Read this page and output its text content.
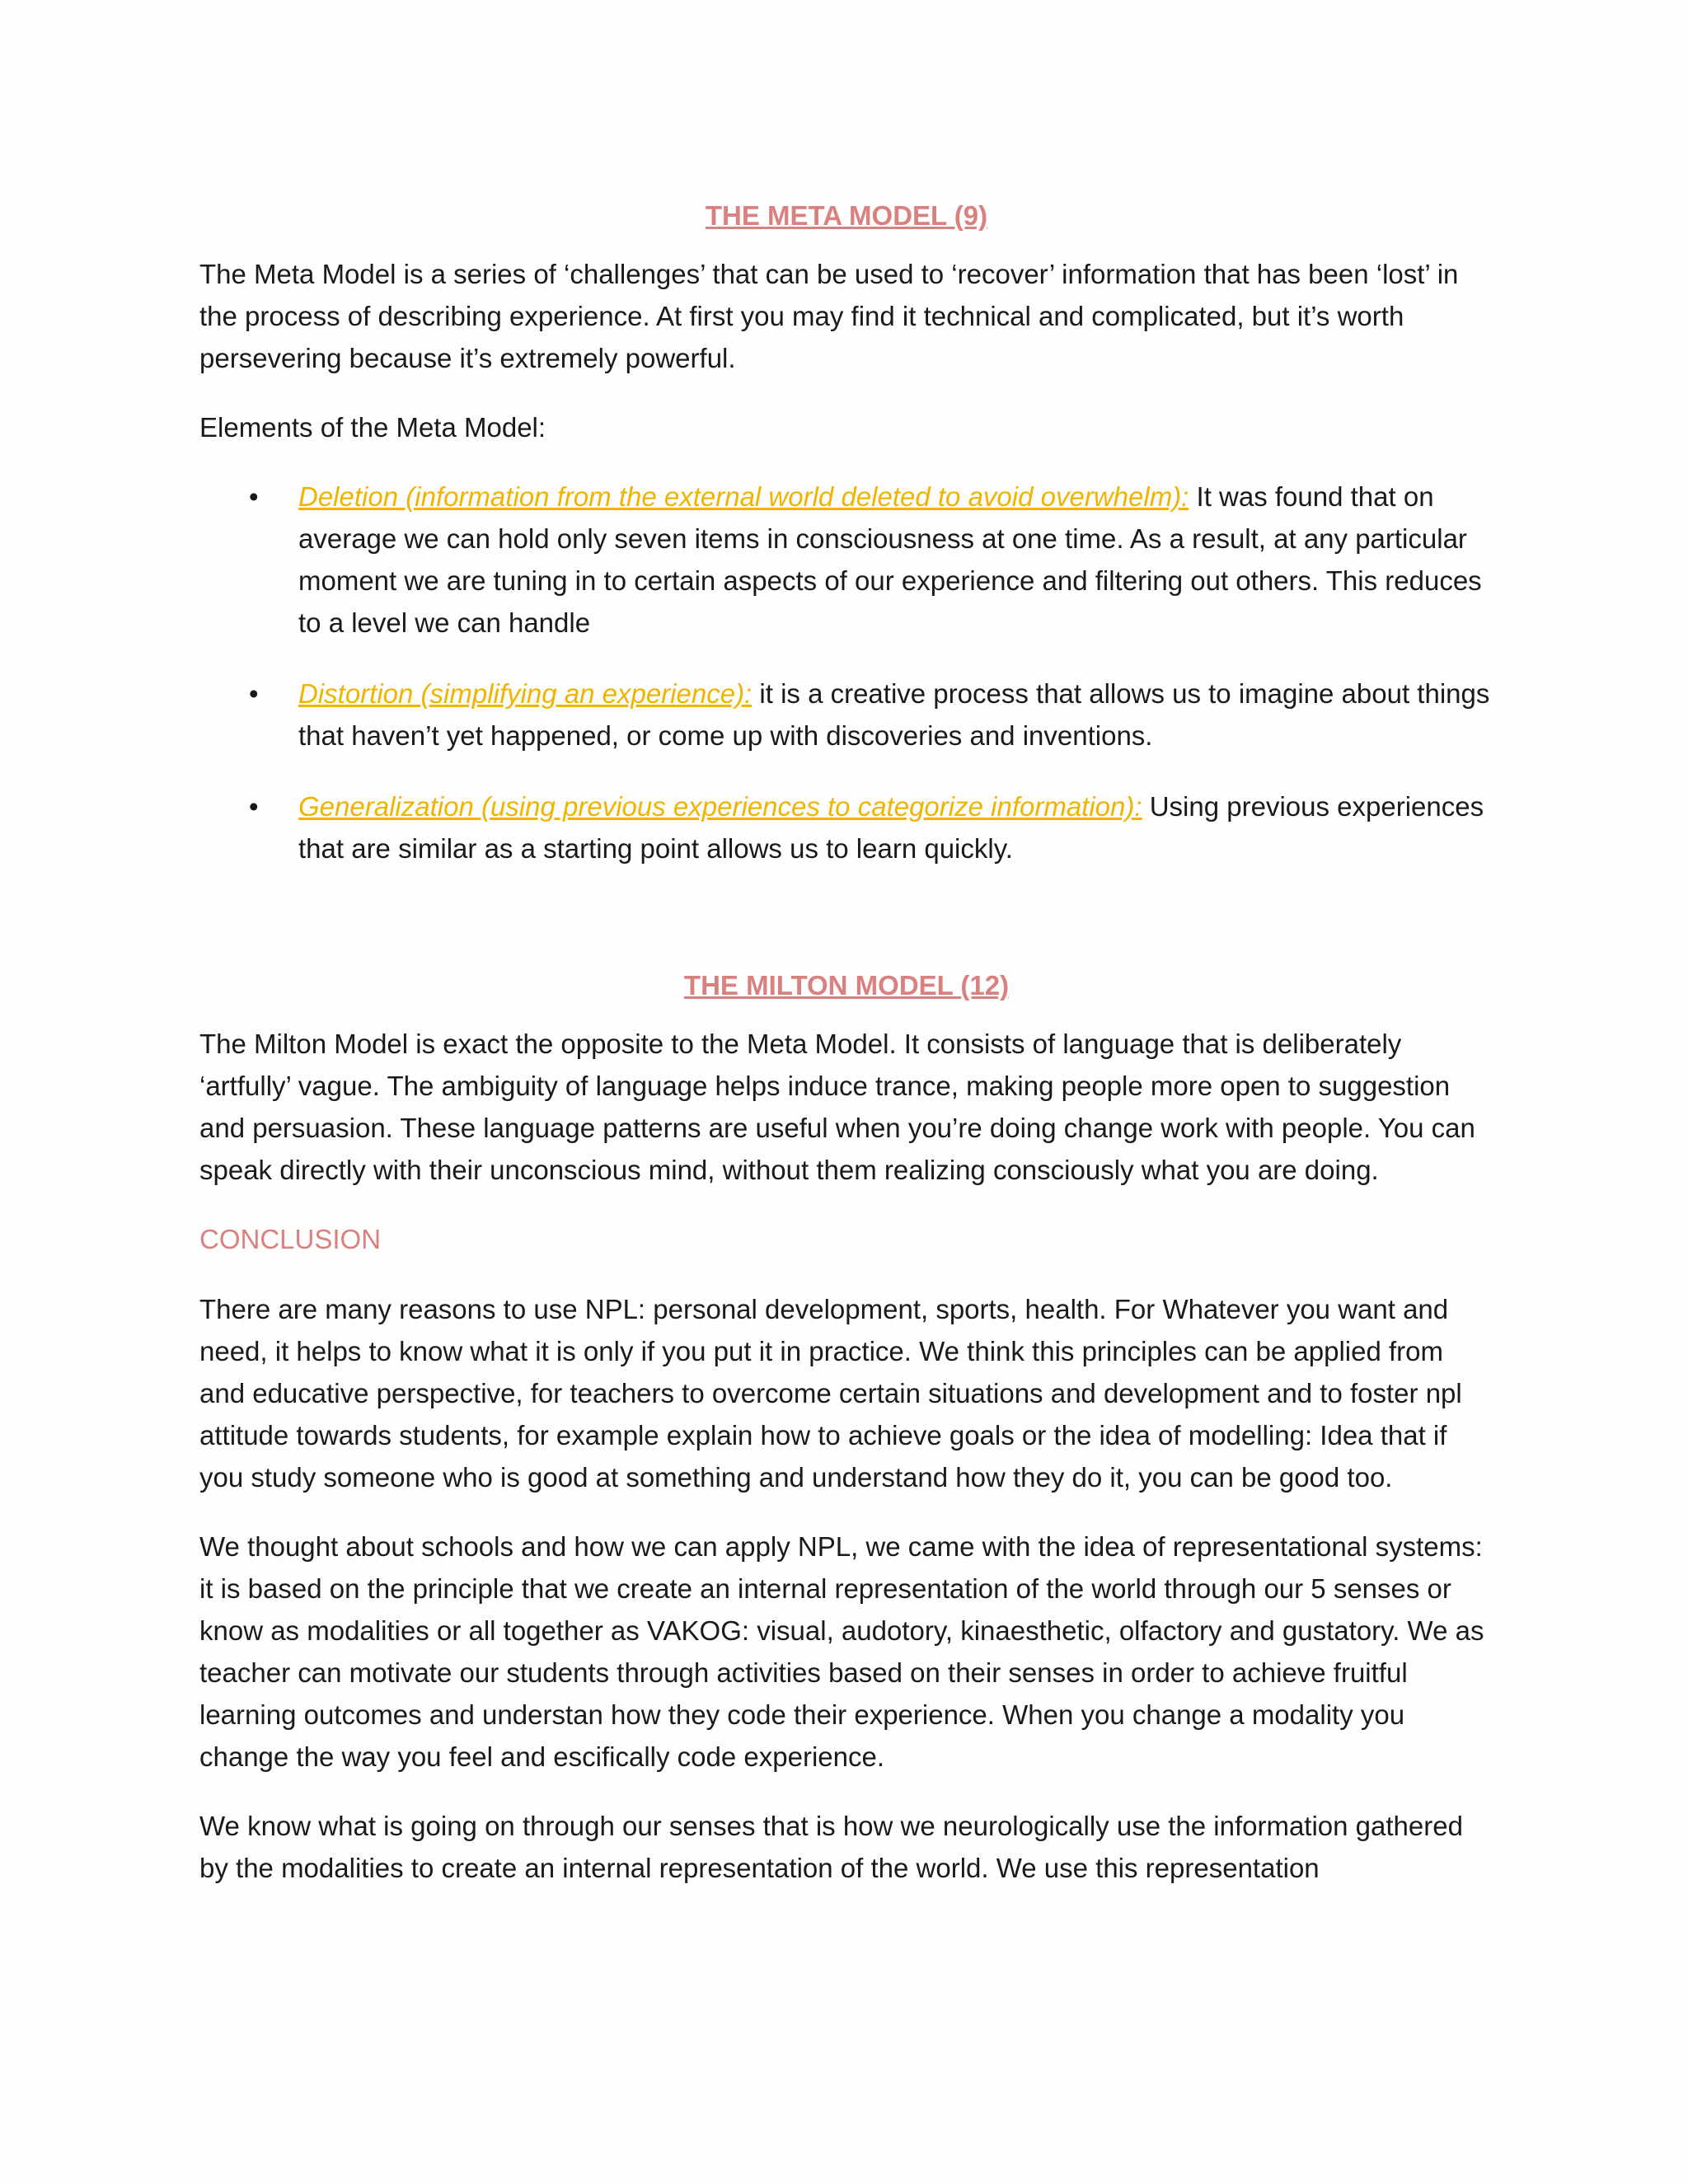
THE META MODEL (9)

The Meta Model is a series of ‘challenges’ that can be used to ‘recover’ information that has been ‘lost’ in the process of describing experience. At first you may find it technical and complicated, but it’s worth persevering because it’s extremely powerful.

Elements of the Meta Model:

• Deletion (information from the external world deleted to avoid overwhelm): It was found that on average we can hold only seven items in consciousness at one time. As a result, at any particular moment we are tuning in to certain aspects of our experience and filtering out others. This reduces to a level we can handle
• Distortion (simplifying an experience): it is a creative process that allows us to imagine about things that haven’t yet happened, or come up with discoveries and inventions.
• Generalization (using previous experiences to categorize information): Using previous experiences that are similar as a starting point allows us to learn quickly.
THE MILTON MODEL (12)

The Milton Model is exact the opposite to the Meta Model. It consists of language that is deliberately ‘artfully’ vague. The ambiguity of language helps induce trance, making people more open to suggestion and persuasion. These language patterns are useful when you’re doing change work with people. You can speak directly with their unconscious mind, without them realizing consciously what you are doing.

CONCLUSION

There are many reasons to use NPL: personal development, sports, health. For Whatever you want and need, it helps to know what it is only if you put it in practice. We think this principles can be applied from and educative perspective, for teachers to overcome certain situations and development and to foster npl attitude towards students, for example explain how to achieve goals or the idea of modelling: Idea that if you study someone who is good at something and understand how they do it, you can be good too.

We thought about schools and how we can apply NPL, we came with the idea of representational systems: it is based on the principle that we create an internal representation of the world through our 5 senses or know as modalities or all together as VAKOG: visual, audotory, kinaesthetic, olfactory and gustatory. We as teacher can motivate our students through activities based on their senses in order to achieve fruitful learning outcomes and understan how they code their experience. When you change a modality you change the way you feel and escifically code experience.

We know what is going on through our senses that is how we neurologically use the information gathered by the modalities to create an internal representation of the world. We use this representation
